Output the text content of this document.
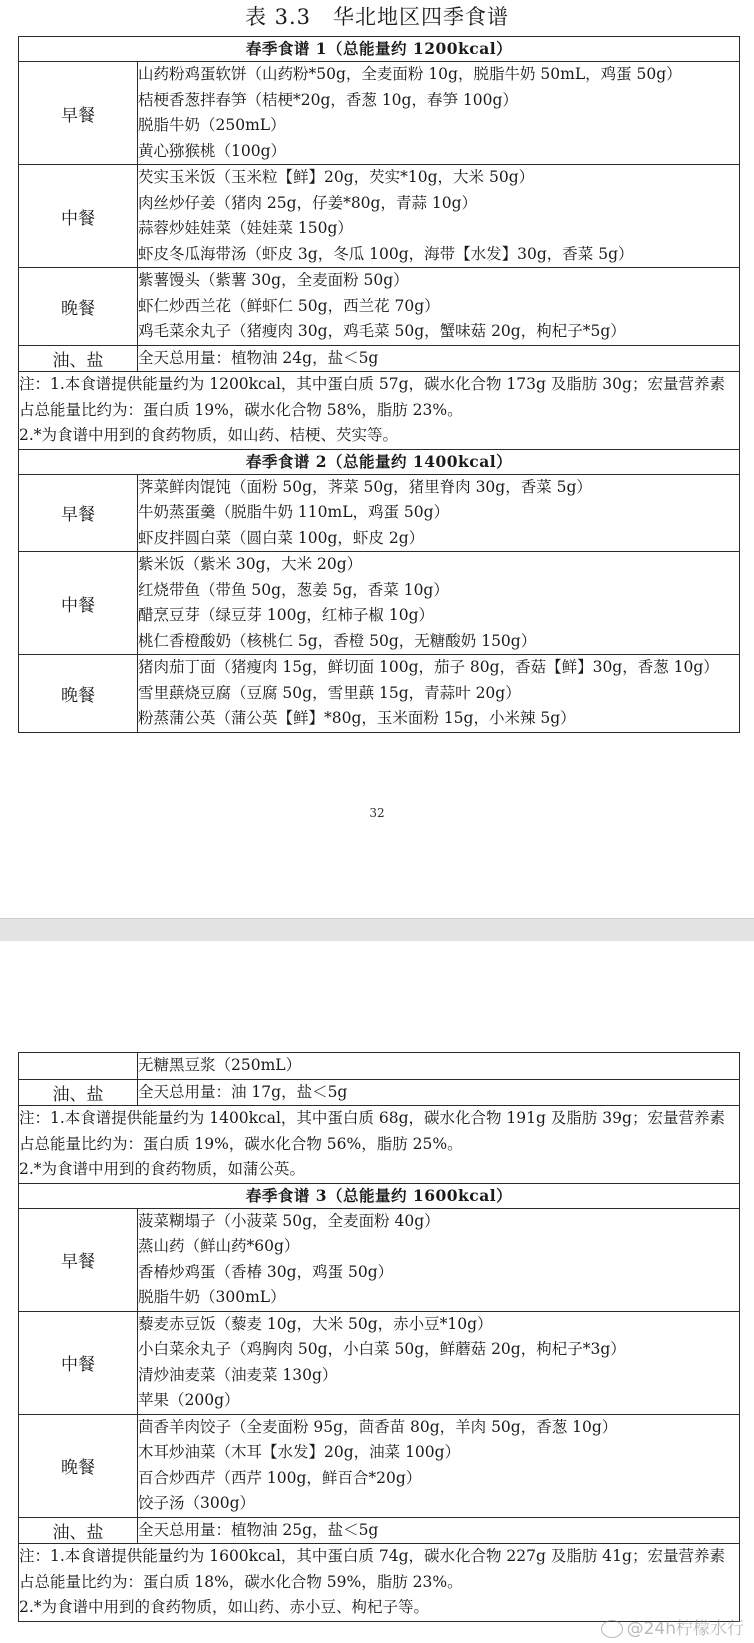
表 3.3　华北地区四季食谱
春季食谱 1（总能量约 1200kcal）	
早餐	山药粉鸡蛋软饼（山药粉*50g，全麦面粉 10g，脱脂牛奶 50mL，鸡蛋 50g）
桔梗香葱拌春笋（桔梗*20g，香葱 10g，春笋 100g）
脱脂牛奶（250mL）
黄心猕猴桃（100g）

中餐	芡实玉米饭（玉米粒【鲜】20g，芡实*10g，大米 50g）
肉丝炒仔姜（猪肉 25g，仔姜*80g，青蒜 10g）
蒜蓉炒娃娃菜（娃娃菜 150g）
虾皮冬瓜海带汤（虾皮 3g，冬瓜 100g，海带【水发】30g，香菜 5g）

晚餐	紫薯馒头（紫薯 30g，全麦面粉 50g）
虾仁炒西兰花（鲜虾仁 50g，西兰花 70g）
鸡毛菜氽丸子（猪瘦肉 30g，鸡毛菜 50g，蟹味菇 20g，枸杞子*5g）

油、盐	全天总用量：植物油 24g，盐＜5g

注：1.本食谱提供能量约为 1200kcal，其中蛋白质 57g，碳水化合物 173g 及脂肪 30g；宏量营养素占总能量比约为：蛋白质 19%，碳水化合物 58%，脂肪 23%。
2.*为食谱中用到的食药物质，如山药、桔梗、芡实等。	

春季食谱 2（总能量约 1400kcal）	
早餐	荠菜鲜肉馄饨（面粉 50g，荠菜 50g，猪里脊肉 30g，香菜 5g）
牛奶蒸蛋羹（脱脂牛奶 110mL，鸡蛋 50g）
虾皮拌圆白菜（圆白菜 100g，虾皮 2g）

中餐	紫米饭（紫米 30g，大米 20g）
红烧带鱼（带鱼 50g，葱姜 5g，香菜 10g）
醋烹豆芽（绿豆芽 100g，红柿子椒 10g）
桃仁香橙酸奶（核桃仁 5g，香橙 50g，无糖酸奶 150g）

晚餐	猪肉茄丁面（猪瘦肉 15g，鲜切面 100g，茄子 80g，香菇【鲜】30g，香葱 10g）
雪里蕻烧豆腐（豆腐 50g，雪里蕻 15g，青蒜叶 20g）
粉蒸蒲公英（蒲公英【鲜】*80g，玉米面粉 15g，小米辣 5g）
32

	无糖黑豆浆（250mL）

油、盐	全天总用量：油 17g，盐＜5g

注：1.本食谱提供能量约为 1400kcal，其中蛋白质 68g，碳水化合物 191g 及脂肪 39g；宏量营养素占总能量比约为：蛋白质 19%，碳水化合物 56%，脂肪 25%。
2.*为食谱中用到的食药物质，如蒲公英。	

春季食谱 3（总能量约 1600kcal）	
早餐	菠菜糊塌子（小菠菜 50g，全麦面粉 40g）
蒸山药（鲜山药*60g）
香椿炒鸡蛋（香椿 30g，鸡蛋 50g）
脱脂牛奶（300mL）

中餐	藜麦赤豆饭（藜麦 10g，大米 50g，赤小豆*10g）
小白菜氽丸子（鸡胸肉 50g，小白菜 50g，鲜蘑菇 20g，枸杞子*3g）
清炒油麦菜（油麦菜 130g）
苹果（200g）

晚餐	茴香羊肉饺子（全麦面粉 95g，茴香苗 80g，羊肉 50g，香葱 10g）
木耳炒油菜（木耳【水发】20g，油菜 100g）
百合炒西芹（西芹 100g，鲜百合*20g）
饺子汤（300g）

油、盐	全天总用量：植物油 25g，盐＜5g

注：1.本食谱提供能量约为 1600kcal，其中蛋白质 74g，碳水化合物 227g 及脂肪 41g；宏量营养素占总能量比约为：蛋白质 18%，碳水化合物 59%，脂肪 23%。
2.*为食谱中用到的食药物质，如山药、赤小豆、枸杞子等。	
@24h柠檬水行
